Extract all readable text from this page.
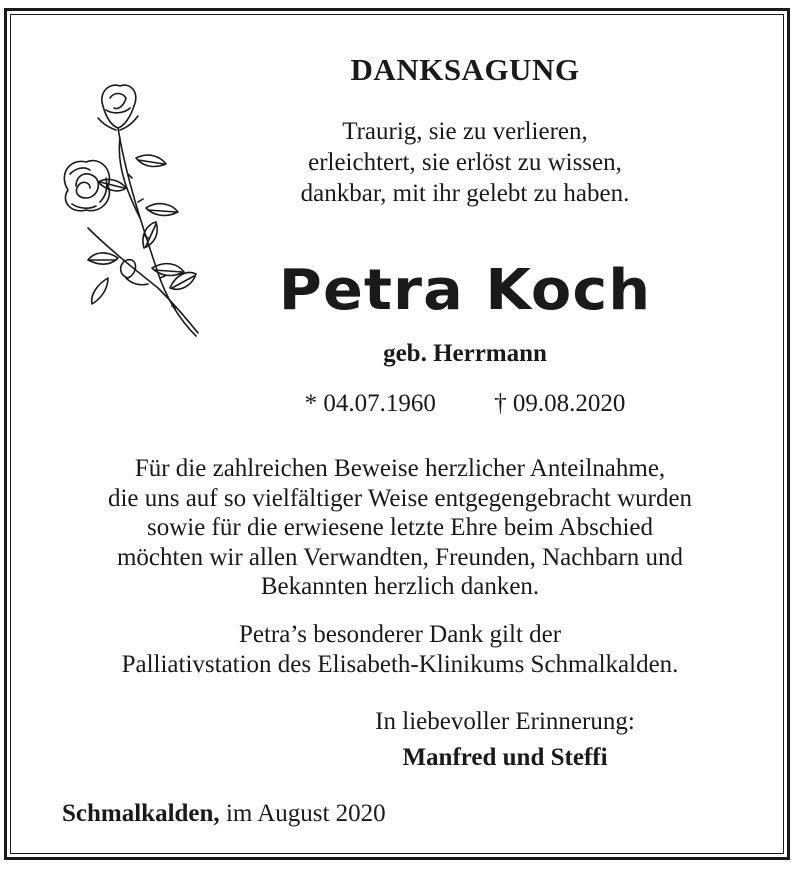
DANKSAGUNG
Traurig, sie zu verlieren,
erleichtert, sie erlöst zu wissen,
dankbar, mit ihr gelebt zu haben.
Petra Koch
geb. Herrmann
* 04.07.1960 † 09.08.2020
Für die zahlreichen Beweise herzlicher Anteilnahme,
die uns auf so vielfältiger Weise entgegengebracht wurden
sowie für die erwiesene letzte Ehre beim Abschied
möchten wir allen Verwandten, Freunden, Nachbarn und
Bekannten herzlich danken.
Petra’s besonderer Dank gilt der
Palliativstation des Elisabeth-Klinikums Schmalkalden.
In liebevoller Erinnerung:
Manfred und Steffi
Schmalkalden, im August 2020
